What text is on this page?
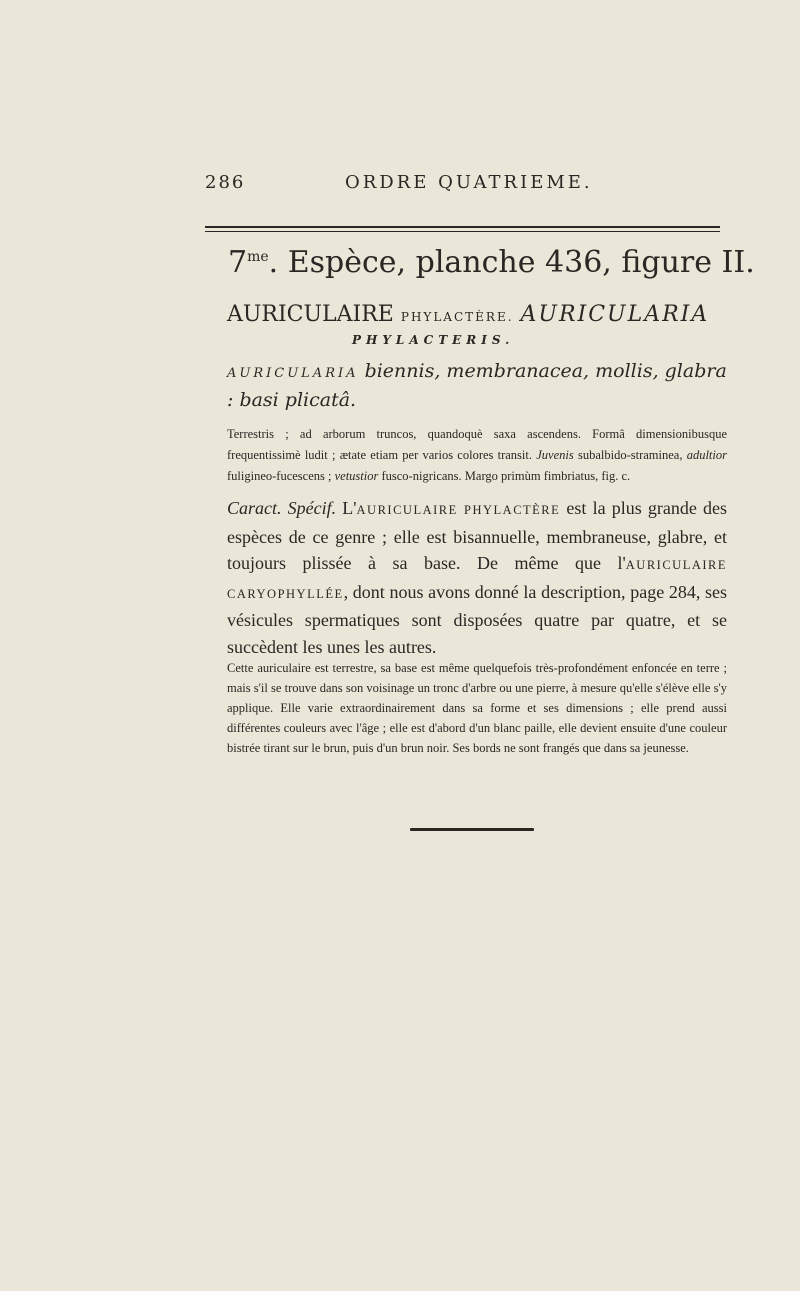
286	ORDRE QUATRIEME.
$7^{me}$. Espèce, planche 436, figure II.
AURICULAIRE PHYLACTÈRE. AURICULARIA
PHYLACTERIS.
AURICULARIA biennis, membranacea, mollis, glabra : basi plicatâ.
Terrestris ; ad arborum truncos, quandoquè saxa ascendens. Formâ dimensionibusque frequentissimè ludit ; ætate etiam per varios colores transit. Juvenis subalbido-straminea, adultior fuligineo-fucescens ; vetustior fusco-nigricans. Margo primùm fimbriatus, fig. c.
Caract. Spécif. L'AURICULAIRE PHYLACTÈRE est la plus grande des espèces de ce genre ; elle est bisannuelle, membraneuse, glabre, et toujours plissée à sa base. De même que l'AURICULAIRE CARYOPHYLLÉE, dont nous avons donné la description, page 284, ses vésicules spermatiques sont disposées quatre par quatre, et se succèdent les unes les autres.
Cette auriculaire est terrestre, sa base est même quelquefois très-profondément enfoncée en terre ; mais s'il se trouve dans son voisinage un tronc d'arbre ou une pierre, à mesure qu'elle s'élève elle s'y applique. Elle varie extraordinairement dans sa forme et ses dimensions ; elle prend aussi différentes couleurs avec l'âge ; elle est d'abord d'un blanc paille, elle devient ensuite d'une couleur bistrée tirant sur le brun, puis d'un brun noir. Ses bords ne sont frangés que dans sa jeunesse.
